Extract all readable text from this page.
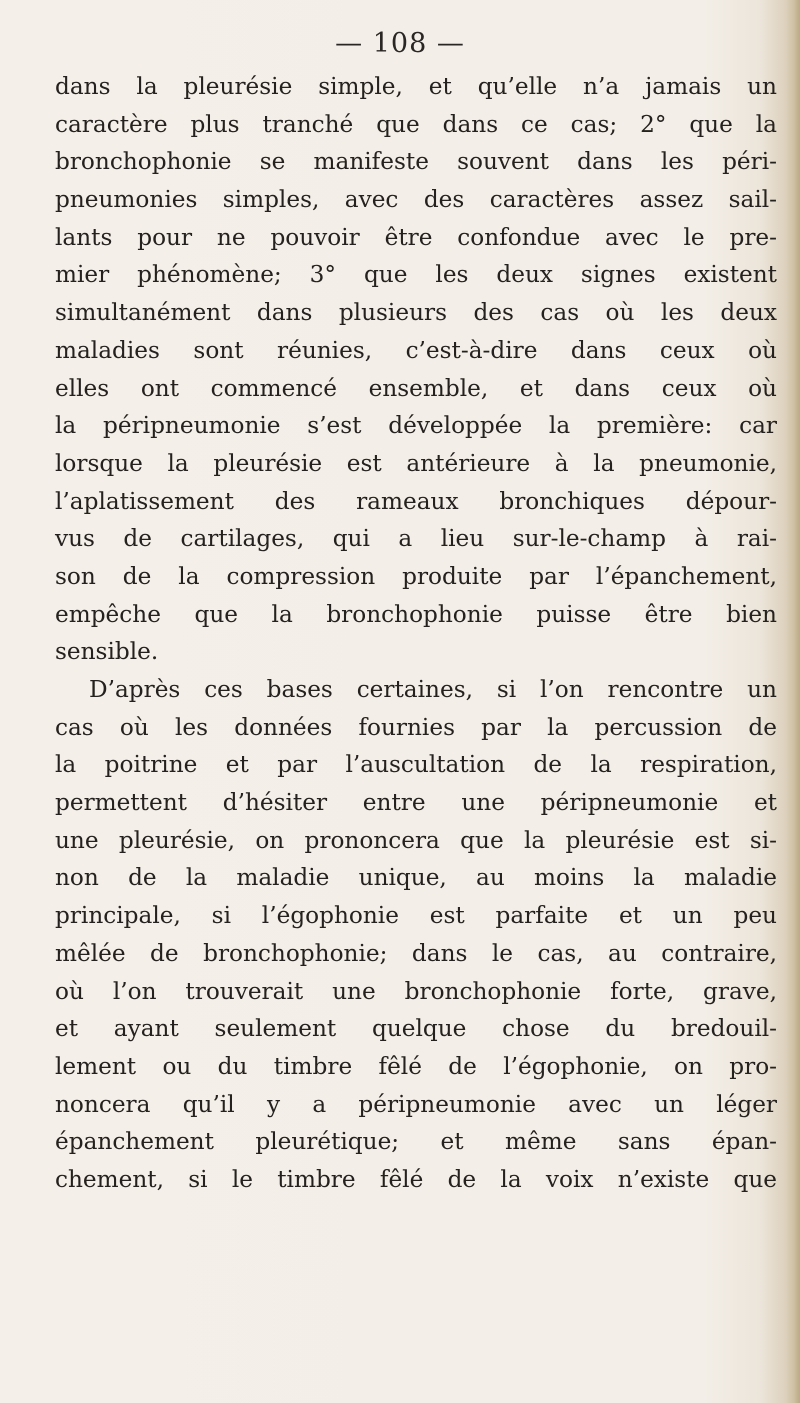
— 108 —
dans la pleurésie simple, et qu’elle n’a jamais un
caractère plus tranché que dans ce cas; 2° que la
bronchophonie se manifeste souvent dans les péri-
pneumonies simples, avec des caractères assez sail-
lants pour ne pouvoir être confondue avec le pre-
mier phénomène; 3° que les deux signes existent
simultanément dans plusieurs des cas où les deux
maladies sont réunies, c’est-à-dire dans ceux où
elles ont commencé ensemble, et dans ceux où
la péripneumonie s’est développée la première: car
lorsque la pleurésie est antérieure à la pneumonie,
l’aplatissement des rameaux bronchiques dépour-
vus de cartilages, qui a lieu sur-le-champ à rai-
son de la compression produite par l’épanchement,
empêche que la bronchophonie puisse être bien
sensible.
D’après ces bases certaines, si l’on rencontre un
cas où les données fournies par la percussion de
la poitrine et par l’auscultation de la respiration,
permettent d’hésiter entre une péripneumonie et
une pleurésie, on prononcera que la pleurésie est si-
non de la maladie unique, au moins la maladie
principale, si l’égophonie est parfaite et un peu
mêlée de bronchophonie; dans le cas, au contraire,
où l’on trouverait une bronchophonie forte, grave,
et ayant seulement quelque chose du bredouil-
lement ou du timbre fêlé de l’égophonie, on pro-
noncera qu’il y a péripneumonie avec un léger
épanchement pleurétique; et même sans épan-
chement, si le timbre fêlé de la voix n’existe que
